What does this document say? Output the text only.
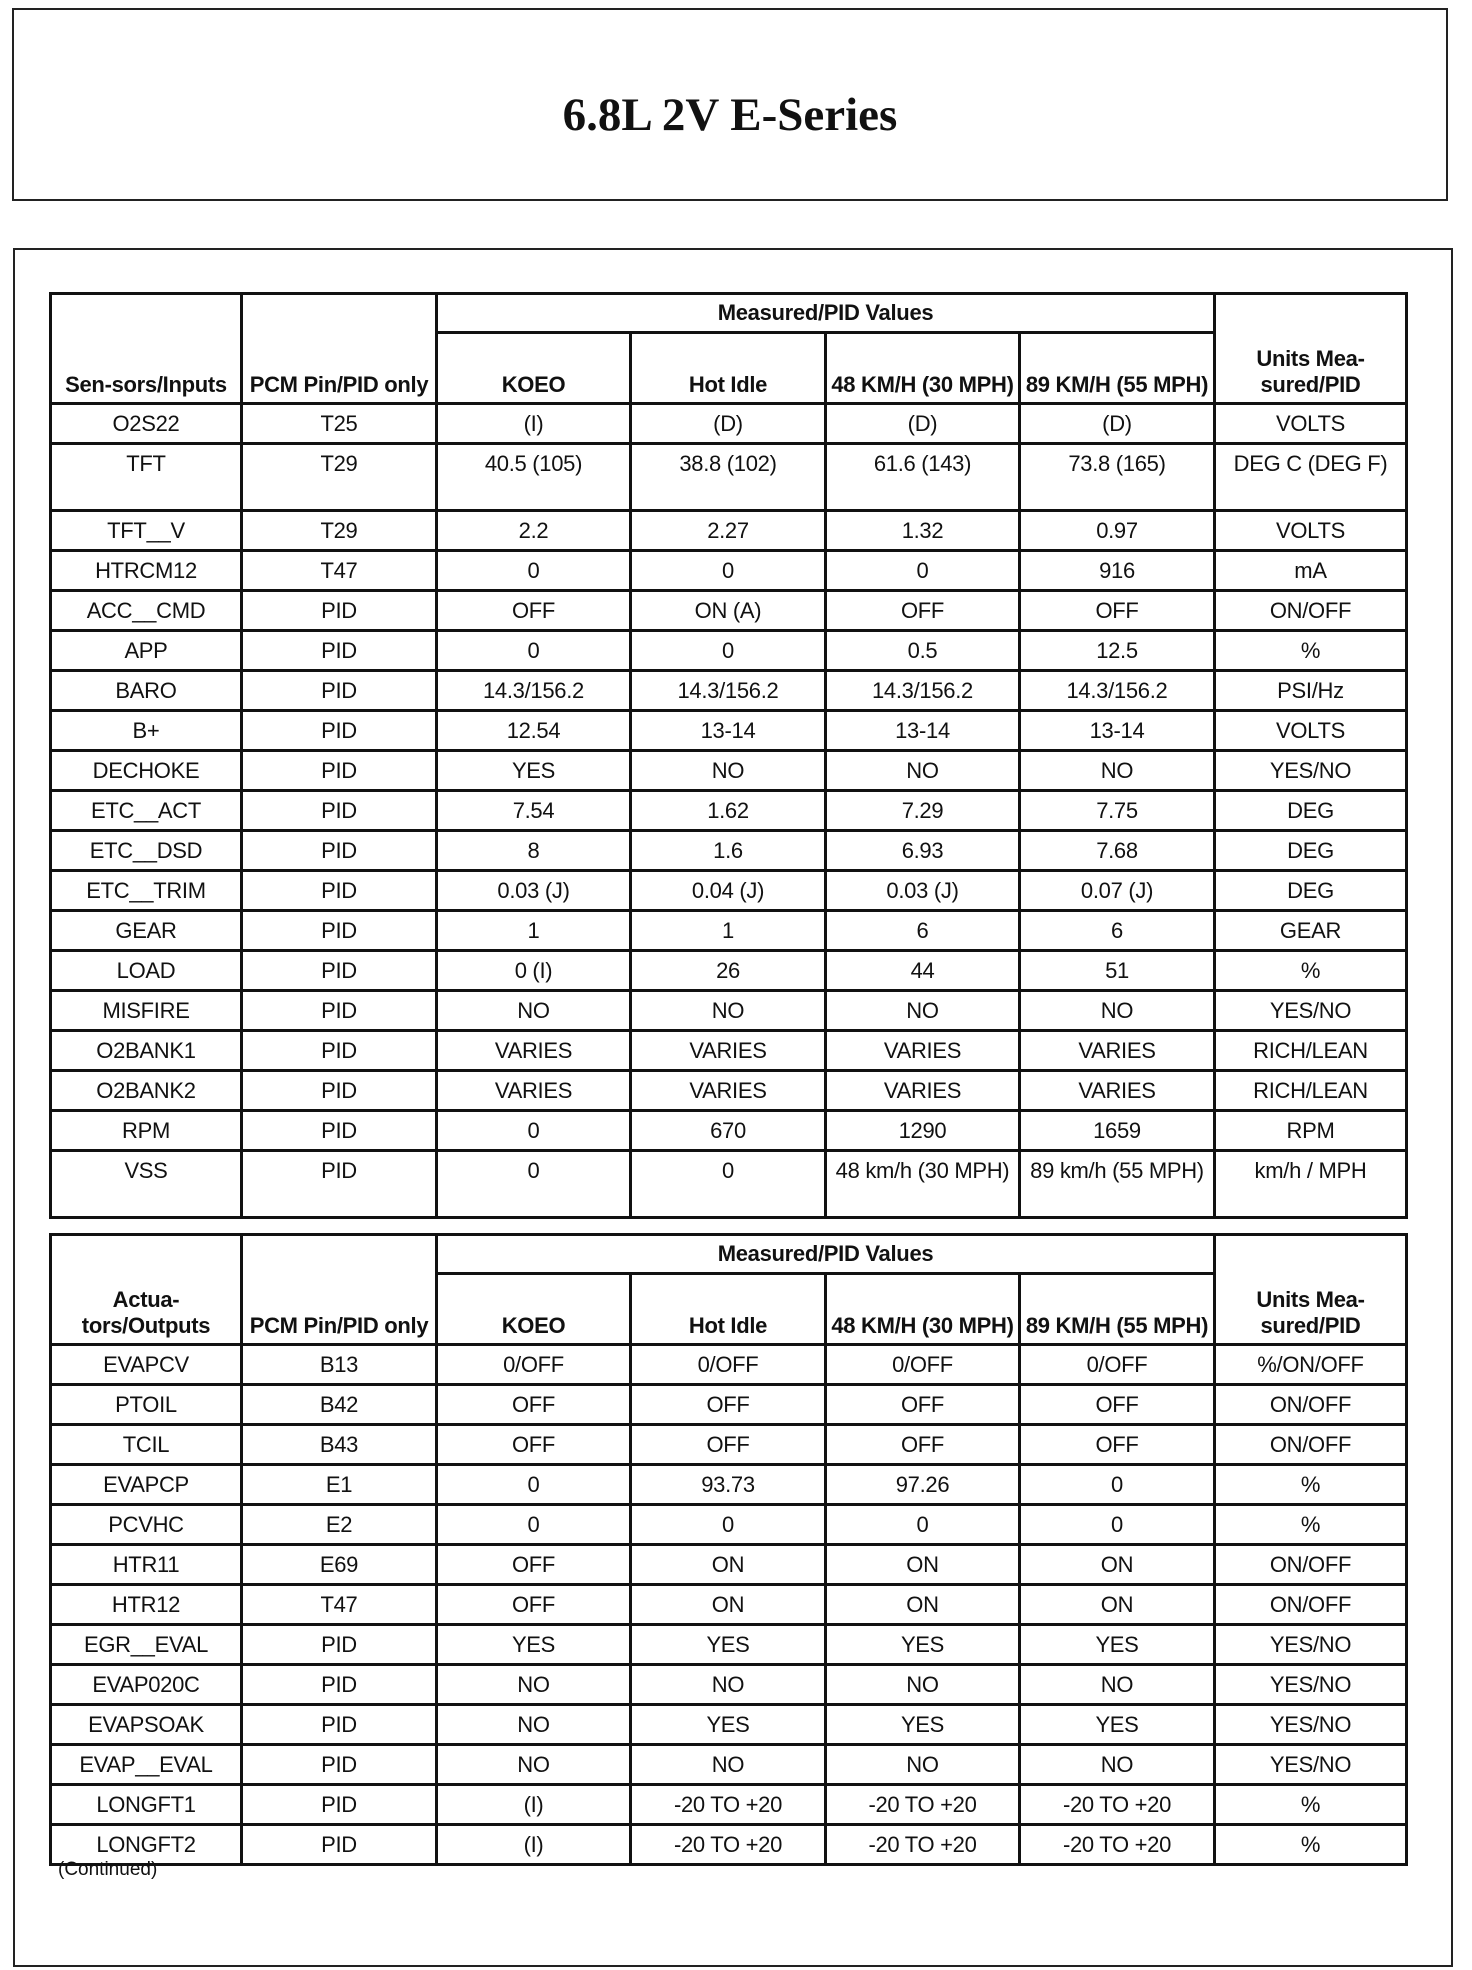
6.8L 2V E-Series
Sen-sors/Inputs	PCM Pin/PID only	Measured/PID Values				Units Mea-sured/PID
		KOEO	Hot Idle	48 KM/H (30 MPH)	89 KM/H (55 MPH)	
O2S22	T25	(I)	(D)	(D)	(D)	VOLTS
TFT	T29	40.5 (105)	38.8 (102)	61.6 (143)	73.8 (165)	DEG C (DEG F)
TFT__V	T29	2.2	2.27	1.32	0.97	VOLTS
HTRCM12	T47	0	0	0	916	mA
ACC__CMD	PID	OFF	ON (A)	OFF	OFF	ON/OFF
APP	PID	0	0	0.5	12.5	%
BARO	PID	14.3/156.2	14.3/156.2	14.3/156.2	14.3/156.2	PSI/Hz
B+	PID	12.54	13-14	13-14	13-14	VOLTS
DECHOKE	PID	YES	NO	NO	NO	YES/NO
ETC__ACT	PID	7.54	1.62	7.29	7.75	DEG
ETC__DSD	PID	8	1.6	6.93	7.68	DEG
ETC__TRIM	PID	0.03 (J)	0.04 (J)	0.03 (J)	0.07 (J)	DEG
GEAR	PID	1	1	6	6	GEAR
LOAD	PID	0 (I)	26	44	51	%
MISFIRE	PID	NO	NO	NO	NO	YES/NO
O2BANK1	PID	VARIES	VARIES	VARIES	VARIES	RICH/LEAN
O2BANK2	PID	VARIES	VARIES	VARIES	VARIES	RICH/LEAN
RPM	PID	0	670	1290	1659	RPM
VSS	PID	0	0	48 km/h (30 MPH)	89 km/h (55 MPH)	km/h / MPH
Actua-tors/Outputs	PCM Pin/PID only	Measured/PID Values				Units Mea-sured/PID
		KOEO	Hot Idle	48 KM/H (30 MPH)	89 KM/H (55 MPH)	
EVAPCV	B13	0/OFF	0/OFF	0/OFF	0/OFF	%/ON/OFF
PTOIL	B42	OFF	OFF	OFF	OFF	ON/OFF
TCIL	B43	OFF	OFF	OFF	OFF	ON/OFF
EVAPCP	E1	0	93.73	97.26	0	%
PCVHC	E2	0	0	0	0	%
HTR11	E69	OFF	ON	ON	ON	ON/OFF
HTR12	T47	OFF	ON	ON	ON	ON/OFF
EGR__EVAL	PID	YES	YES	YES	YES	YES/NO
EVAP020C	PID	NO	NO	NO	NO	YES/NO
EVAPSOAK	PID	NO	YES	YES	YES	YES/NO
EVAP__EVAL	PID	NO	NO	NO	NO	YES/NO
LONGFT1	PID	(I)	-20 TO +20	-20 TO +20	-20 TO +20	%
LONGFT2	PID	(I)	-20 TO +20	-20 TO +20	-20 TO +20	%
(Continued)
